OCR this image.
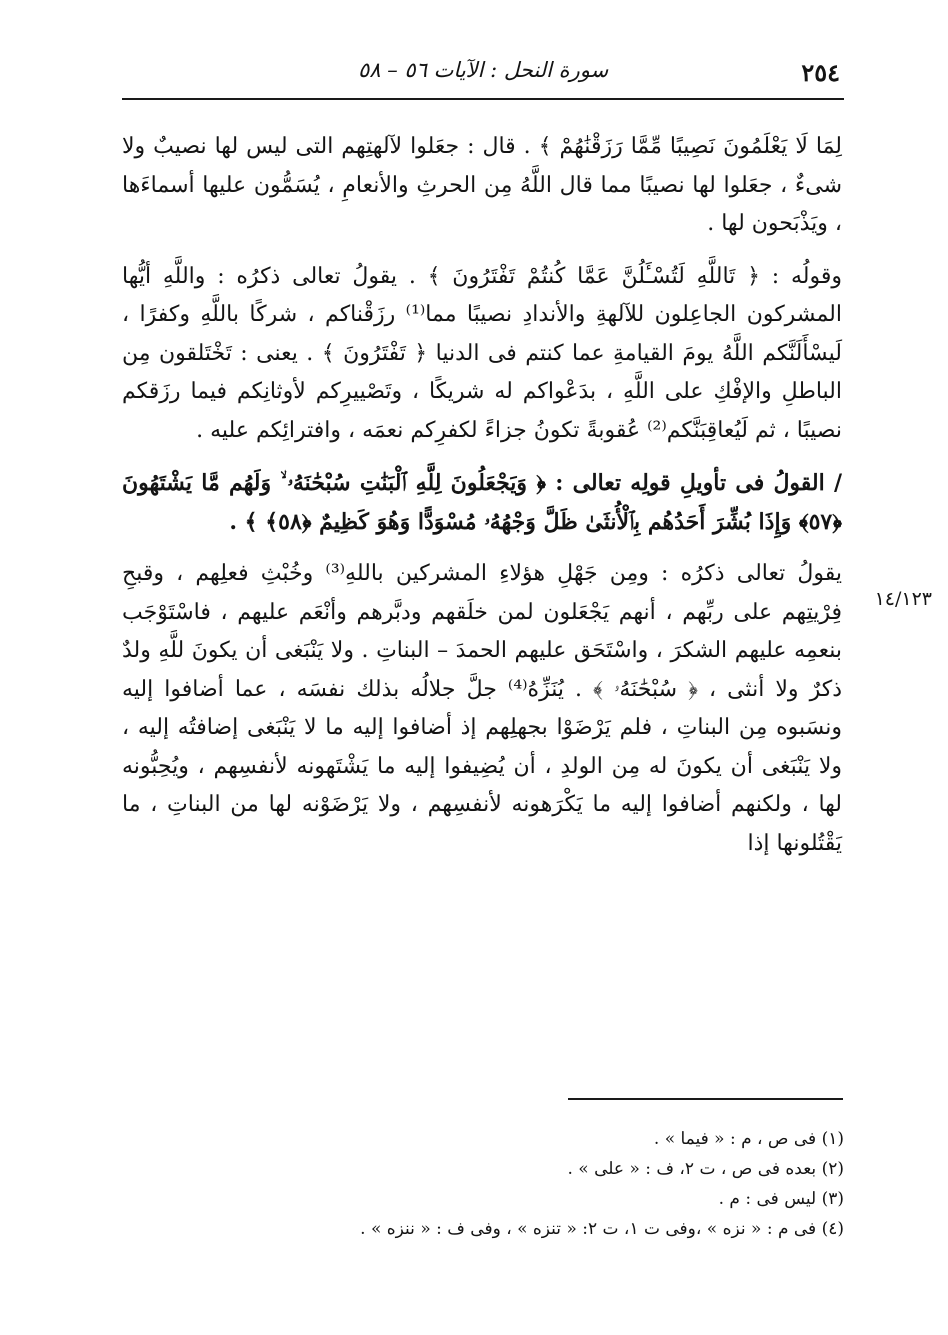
٢٥٤
سورة النحل : الآيات ٥٦ – ٥٨
١٤/١٢٣

لِمَا لَا يَعْلَمُونَ نَصِيبًا مِّمَّا رَزَقْنَٰهُمْ ﴾ . قال : جعَلوا لآلهتِهم التى ليس لها نصيبٌ ولا شىءٌ ، جعَلوا لها نصيبًا مما قال اللَّهُ مِن الحرثِ والأنعامِ ، يُسَمُّون عليها أسماءَها ، ويَذْبَحون لها .

وقولُه : ﴿ تَاللَّهِ لَتُسْـَٔلُنَّ عَمَّا كُنتُمْ تَفْتَرُونَ ﴾ . يقولُ تعالى ذكرُه : واللَّهِ أيُّها المشركون الجاعِلون للآلهةِ والأندادِ نصيبًا مما⁽¹⁾ رزَقْناكم ، شركًا باللَّهِ وكفرًا ، لَيسْأَلَنَّكم اللَّهُ يومَ القيامةِ عما كنتم فى الدنيا ﴿ تَفْتَرُونَ ﴾ . يعنى : تَخْتَلقون مِن الباطلِ والإفْكِ على اللَّهِ ، بدَعْواكم له شريكًا ، وتَصْييرِكم لأوثانِكم فيما رزَقكم نصيبًا ، ثم لَيُعاقِبَنَّكم⁽²⁾ عُقوبةً تكونُ جزاءً لكفرِكم نعمَه ، وافترائِكم عليه .

/ القولُ فى تأويلِ قولِه تعالى : ﴿ وَيَجْعَلُونَ لِلَّهِ ٱلْبَنَٰتِ سُبْحَٰنَهُۥ ۙ وَلَهُم مَّا يَشْتَهُونَ ﴿٥٧﴾ وَإِذَا بُشِّرَ أَحَدُهُم بِٱلْأُنثَىٰ ظَلَّ وَجْهُهُۥ مُسْوَدًّا وَهُوَ كَظِيمٌ ﴿٥٨﴾ ﴾ .

يقولُ تعالى ذكرُه : ومِن جَهْلِ هؤلاءِ المشركين باللهِ⁽³⁾ وخُبْثِ فعلِهم ، وقبحِ فِرْيتِهم على ربِّهم ، أنهم يَجْعَلون لمن خلَقهم ودبَّرهم وأنْعَم عليهم ، فاسْتَوْجَب بنعمِه عليهم الشكرَ ، واسْتَحَق عليهم الحمدَ – البناتِ . ولا يَنْبَغى أن يكونَ للَّهِ ولدٌ ذكرٌ ولا أنثى ، ﴿ سُبْحَٰنَهُۥ ﴾ . يُنَزِّهُ⁽⁴⁾ جلَّ جلالُه بذلك نفسَه ، عما أضافوا إليه ونسَبوه مِن البناتِ ، فلم يَرْضَوْا بجهلِهم إذ أضافوا إليه ما لا يَنْبَغى إضافتُه إليه ، ولا يَنْبَغى أن يكونَ له مِن الولدِ ، أن يُضِيفوا إليه ما يَشْتَهونه لأنفسِهم ، ويُحِبُّونه لها ، ولكنهم أضافوا إليه ما يَكْرَهونه لأنفسِهم ، ولا يَرْضَوْنه لها من البناتِ ، ما يَقْتُلونها إذا

(١) فى ص ، م : « فيما » .
(٢) بعده فى ص ، ت ٢، ف : « على » .
(٣) ليس فى : م .
(٤) فى م : « نزه » ،وفى ت ١، ت ٢: « تنزه » ، وفى ف : « ننزه » .
